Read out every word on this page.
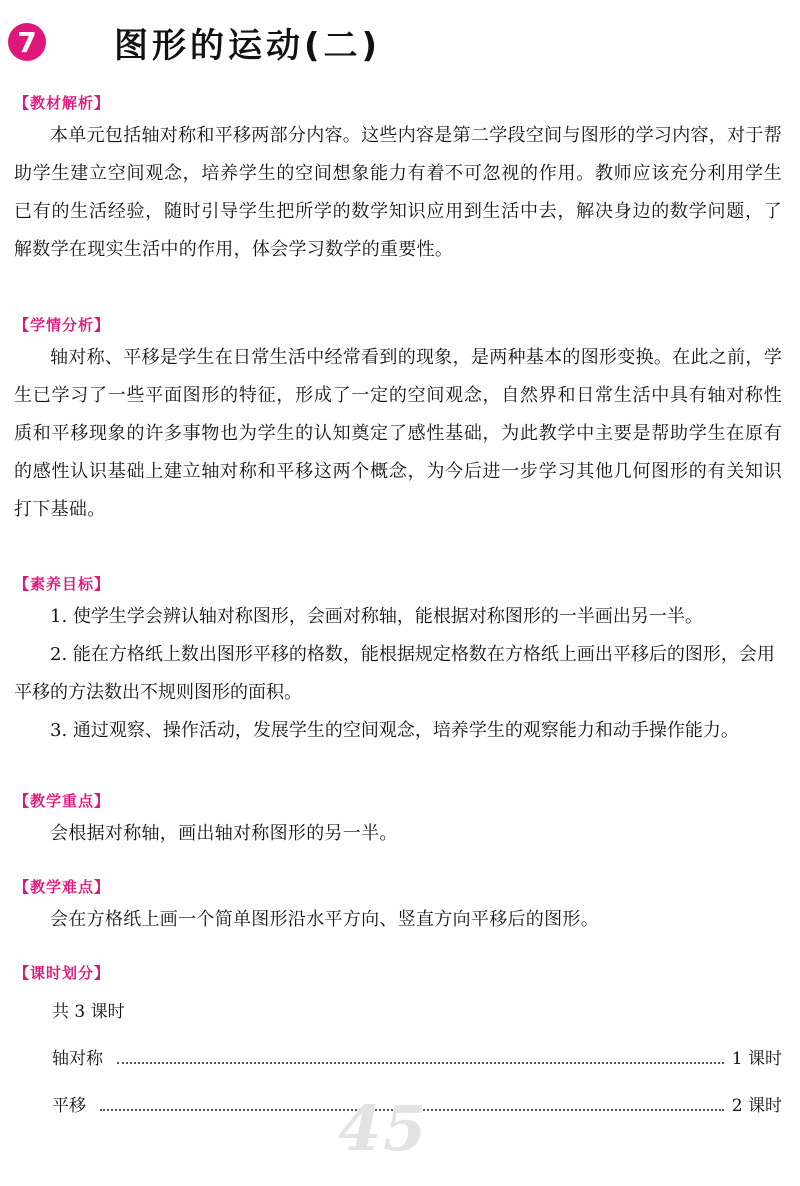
7 图形的运动(二)
【教材解析】

本单元包括轴对称和平移两部分内容。这些内容是第二学段空间与图形的学习内容，对于帮助学生建立空间观念，培养学生的空间想象能力有着不可忽视的作用。教师应该充分利用学生已有的生活经验，随时引导学生把所学的数学知识应用到生活中去，解决身边的数学问题，了解数学在现实生活中的作用，体会学习数学的重要性。

【学情分析】

轴对称、平移是学生在日常生活中经常看到的现象，是两种基本的图形变换。在此之前，学生已学习了一些平面图形的特征，形成了一定的空间观念，自然界和日常生活中具有轴对称性质和平移现象的许多事物也为学生的认知奠定了感性基础，为此教学中主要是帮助学生在原有的感性认识基础上建立轴对称和平移这两个概念，为今后进一步学习其他几何图形的有关知识打下基础。

【素养目标】

1. 使学生学会辨认轴对称图形，会画对称轴，能根据对称图形的一半画出另一半。

2. 能在方格纸上数出图形平移的格数，能根据规定格数在方格纸上画出平移后的图形，会用平移的方法数出不规则图形的面积。

3. 通过观察、操作活动，发展学生的空间观念，培养学生的观察能力和动手操作能力。

【教学重点】

会根据对称轴，画出轴对称图形的另一半。

【教学难点】

会在方格纸上画一个简单图形沿水平方向、竖直方向平移后的图形。

【课时划分】
共 3 课时
轴对称	1 课时
平移	2 课时
45
